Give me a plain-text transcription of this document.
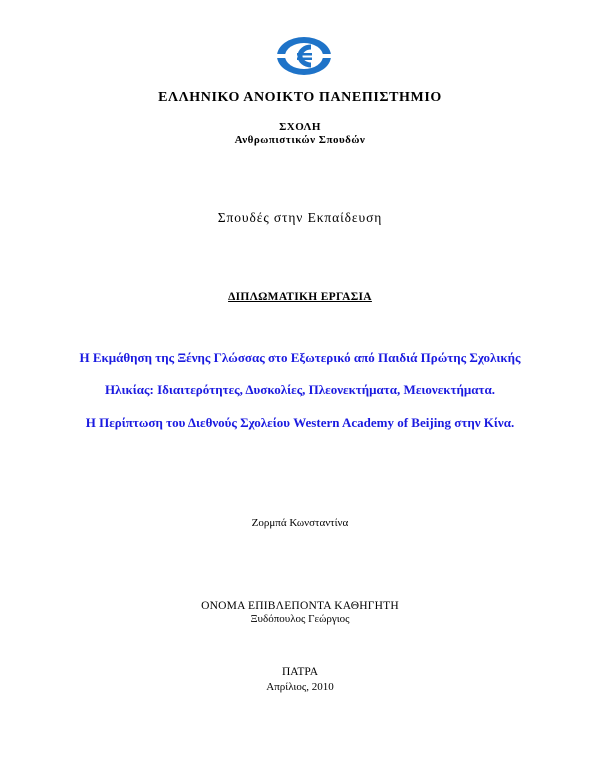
ΕΛΛΗΝΙΚΟ ΑΝΟΙΚΤΟ ΠΑΝΕΠΙΣΤΗΜΙΟ
ΣΧΟΛΗ
Ανθρωπιστικών Σπουδών
Σπουδές στην Εκπαίδευση
ΔΙΠΛΩΜΑΤΙΚΗ ΕΡΓΑΣΙΑ
Η Εκμάθηση της Ξένης Γλώσσας στο Εξωτερικό από Παιδιά Πρώτης Σχολικής
Ηλικίας: Ιδιαιτερότητες, Δυσκολίες, Πλεονεκτήματα, Μειονεκτήματα.
Η Περίπτωση του Διεθνούς Σχολείου Western Academy of Beijing στην Κίνα.
Ζορμπά Κωνσταντίνα
ΟΝΟΜΑ ΕΠΙΒΛΕΠΟΝΤΑ ΚΑΘΗΓΗΤΗ
Ξυδόπουλος Γεώργιος
ΠΑΤΡΑ
Απρίλιος, 2010
